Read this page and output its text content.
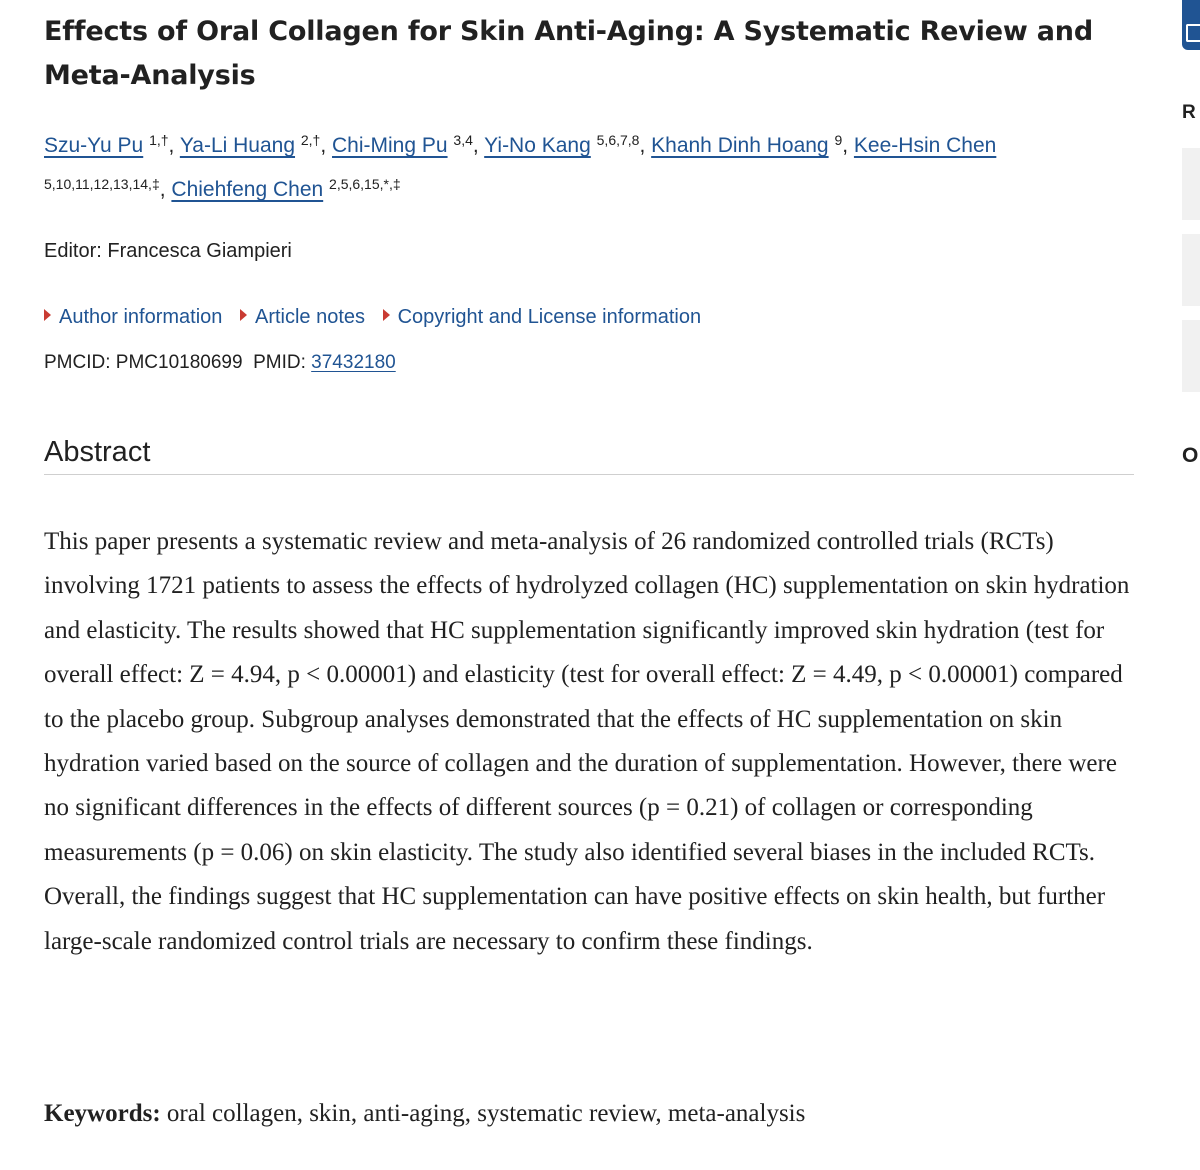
Effects of Oral Collagen for Skin Anti-Aging: A Systematic Review and Meta-Analysis
Szu-Yu Pu $^{1,\dagger}$, Ya-Li Huang $^{2,\dagger}$, Chi-Ming Pu $^{3,4}$, Yi-No Kang $^{5,6,7,8}$, Khanh Dinh Hoang $^9$, Kee-Hsin Chen
$^{5,10,11,12,13,14,\ddagger}$, Chiehfeng Chen $^{2,5,6,15,*,\ddagger}$
Editor: Francesca Giampieri
Author information Article notes Copyright and License information
PMCID: PMC10180699 PMID: 37432180
Abstract

This paper presents a systematic review and meta-analysis of 26 randomized controlled trials (RCTs) involving 1721 patients to assess the effects of hydrolyzed collagen (HC) supplementation on skin hydration and elasticity. The results showed that HC supplementation significantly improved skin hydration (test for overall effect: Z = 4.94, p < 0.00001) and elasticity (test for overall effect: Z = 4.49, p < 0.00001) compared to the placebo group. Subgroup analyses demonstrated that the effects of HC supplementation on skin hydration varied based on the source of collagen and the duration of supplementation. However, there were no significant differences in the effects of different sources (p = 0.21) of collagen or corresponding measurements (p = 0.06) on skin elasticity. The study also identified several biases in the included RCTs. Overall, the findings suggest that HC supplementation can have positive effects on skin health, but further large-scale randomized control trials are necessary to confirm these findings.

Keywords: oral collagen, skin, anti-aging, systematic review, meta-analysis
R
O
